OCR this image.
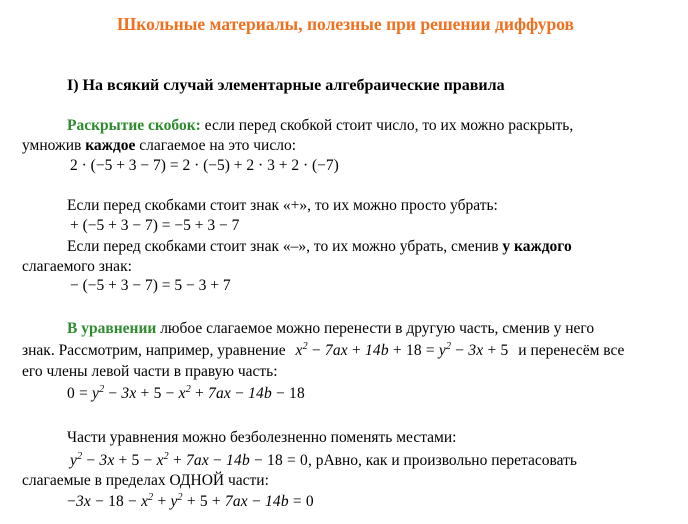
Школьные материалы, полезные при решении диффуров
I) На всякий случай элементарные алгебраические правила
Раскрытие скобок: если перед скобкой стоит число, то их можно раскрыть,
умножив каждое слагаемое на это число:
2 · (−5 + 3 − 7) = 2 · (−5) + 2 · 3 + 2 · (−7)
Если перед скобками стоит знак «+», то их можно просто убрать:
+ (−5 + 3 − 7) = −5 + 3 − 7
Если перед скобками стоит знак «–», то их можно убрать, сменив у каждого
слагаемого знак:
− (−5 + 3 − 7) = 5 − 3 + 7
В уравнении любое слагаемое можно перенести в другую часть, сменив у него
знак. Рассмотрим, например, уравнение $x^2 - 7ax + 14b + 18 = y^2 - 3x + 5$ и перенесём все
его члены левой части в правую часть:
$0 = y^2 - 3x + 5 - x^2 + 7ax - 14b - 18$
Части уравнения можно безболезненно поменять местами:
$y^2 - 3x + 5 - x^2 + 7ax - 14b - 18 = 0$, рАвно, как и произвольно перетасовать
слагаемые в пределах ОДНОЙ части:
$-3x - 18 - x^2 + y^2 + 5 + 7ax - 14b = 0$
